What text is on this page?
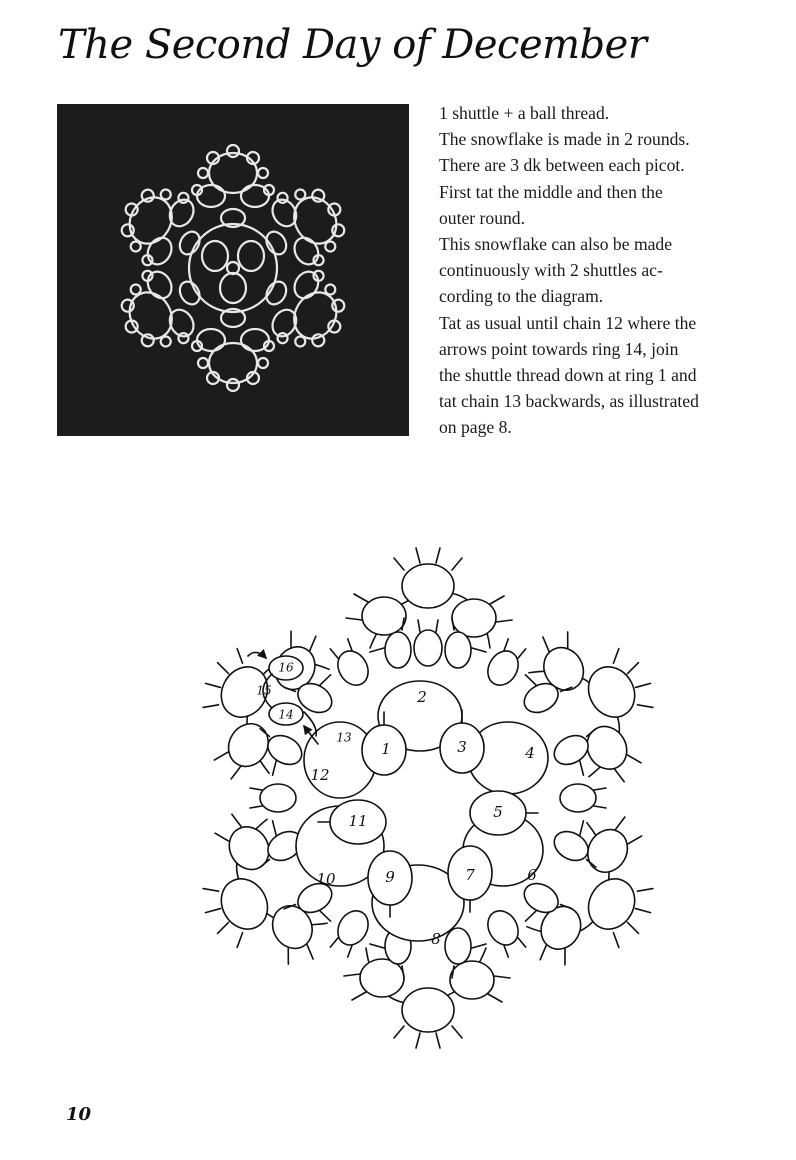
The Second Day of December
1 shuttle + a ball thread.
The snowflake is made in 2 rounds.
There are 3 dk between each picot.
First tat the middle and then the
outer round.
This snowflake can also be made
continuously with 2 shuttles ac-
cording to the diagram.
Tat as usual until chain 12 where the
arrows point towards ring 14, join
the shuttle thread down at ring 1 and
tat chain 13 backwards, as illustrated
on page 8.
2
1	3	4
5
6
7
8
9
10
11
12
13
14
15
16
10
